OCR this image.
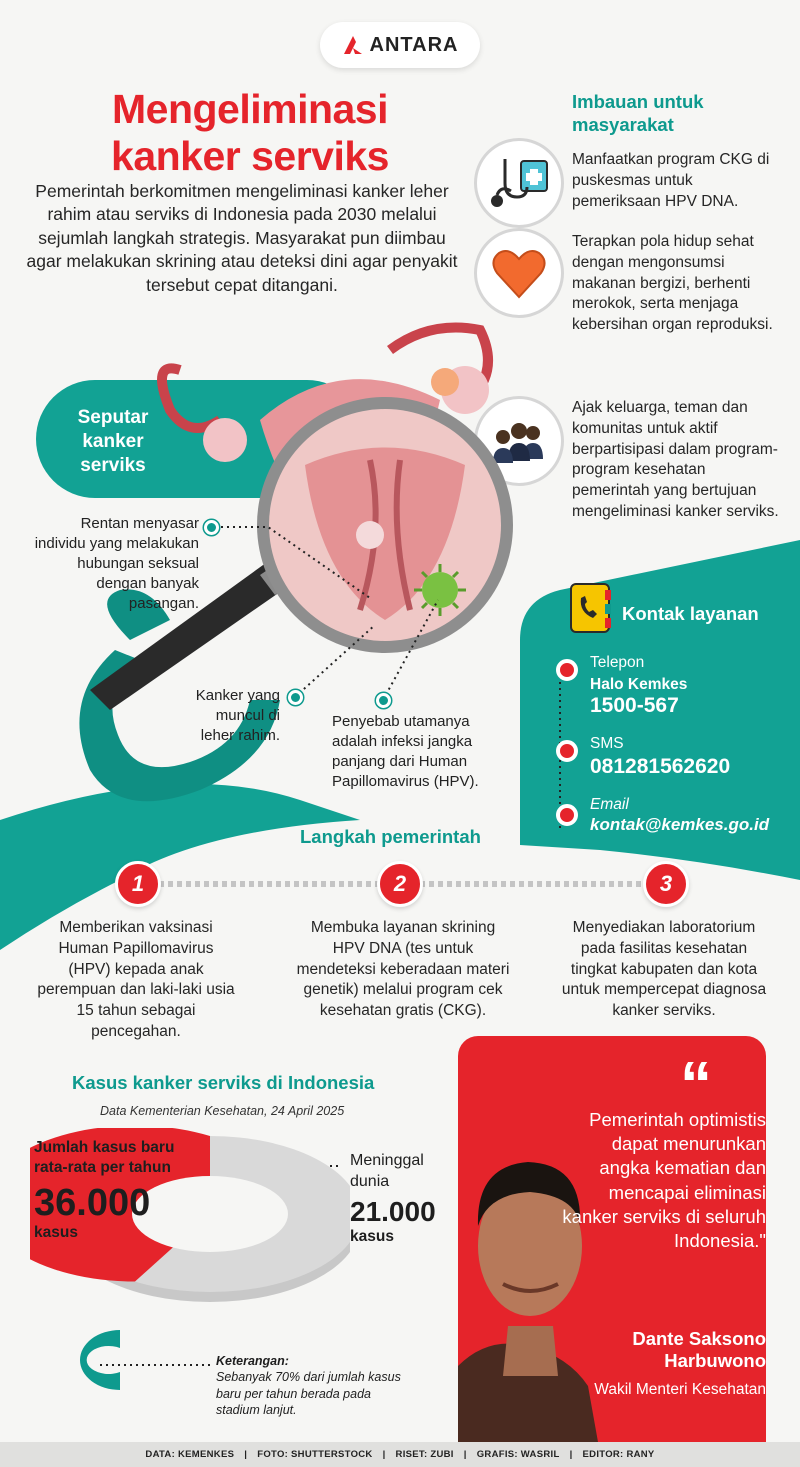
ANTARA
Mengeliminasi kanker serviks
Pemerintah berkomitmen mengeliminasi kanker leher rahim atau serviks di Indonesia pada 2030 melalui sejumlah langkah strategis. Masyarakat pun diimbau agar melakukan skrining atau deteksi dini agar penyakit tersebut cepat ditangani.
Imbauan untuk masyarakat
Manfaatkan program CKG di puskesmas untuk pemeriksaan HPV DNA.
Terapkan pola hidup sehat dengan mengonsumsi makanan bergizi, berhenti merokok, serta menjaga kebersihan organ reproduksi.
Ajak keluarga, teman dan komunitas untuk aktif berpartisipasi dalam program-program kesehatan pemerintah yang bertujuan mengeliminasi kanker serviks.
Seputar kanker serviks
Rentan menyasar individu yang melakukan hubungan seksual dengan banyak pasangan.
Kanker yang muncul di leher rahim.
Penyebab utamanya adalah infeksi jangka panjang dari Human Papillomavirus (HPV).
Kontak layanan
Telepon
Halo Kemkes
1500-567
SMS
081281562620
Email
kontak@kemkes.go.id
Langkah pemerintah
1	2	3
Memberikan vaksinasi Human Papillomavirus (HPV) kepada anak perempuan dan laki-laki usia 15 tahun sebagai pencegahan.
Membuka layanan skrining HPV DNA (tes untuk mendeteksi keberadaan materi genetik) melalui program cek kesehatan gratis (CKG).
Menyediakan laboratorium pada fasilitas kesehatan tingkat kabupaten dan kota untuk mempercepat diagnosa kanker serviks.
Kasus kanker serviks di Indonesia
Data Kementerian Kesehatan, 24 April 2025
Jumlah kasus baru rata-rata per tahun
36.000
kasus
Meninggal dunia
21.000
kasus
Keterangan:
Sebanyak 70% dari jumlah kasus baru per tahun berada pada stadium lanjut.
“
Pemerintah optimistis dapat menurunkan angka kematian dan mencapai eliminasi kanker serviks di seluruh Indonesia."
Dante Saksono Harbuwono
Wakil Menteri Kesehatan
DATA: KEMENKES | FOTO: SHUTTERSTOCK | RISET: ZUBI | GRAFIS: WASRIL | EDITOR: RANY
